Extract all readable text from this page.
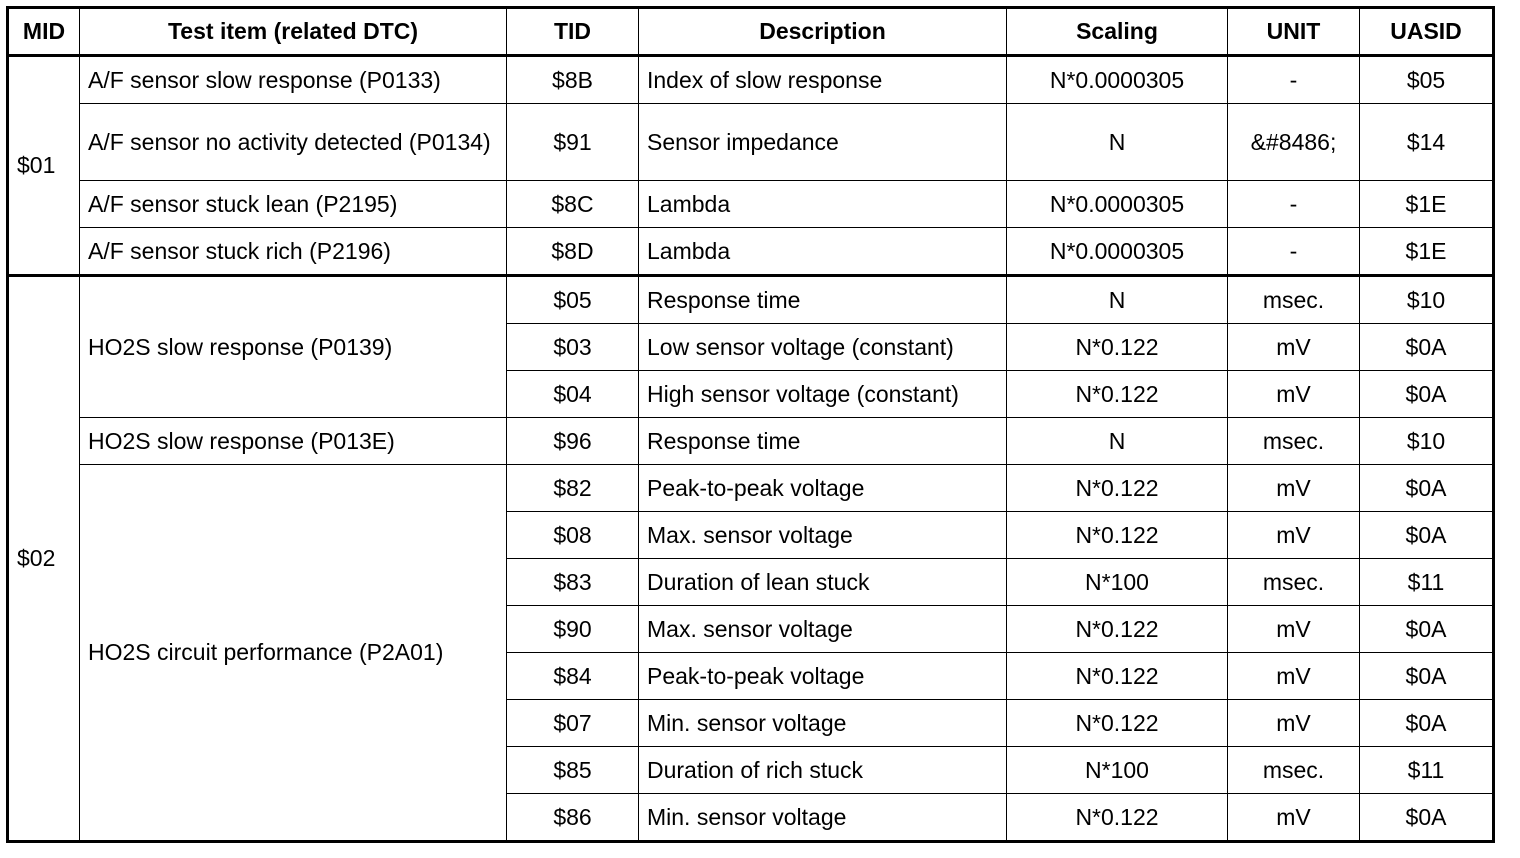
MID	Test item (related DTC)	TID	Description	Scaling	UNIT	UASID
$01	A/F sensor slow response (P0133)	$8B	Index of slow response	N*0.0000305	-	$05
	A/F sensor no activity detected (P0134)	$91	Sensor impedance	N	&#8486;	$14
	A/F sensor stuck lean (P2195)	$8C	Lambda	N*0.0000305	-	$1E
	A/F sensor stuck rich (P2196)	$8D	Lambda	N*0.0000305	-	$1E
$02	HO2S slow response (P0139)	$05	Response time	N	msec.	$10
		$03	Low sensor voltage (constant)	N*0.122	mV	$0A
		$04	High sensor voltage (constant)	N*0.122	mV	$0A
	HO2S slow response (P013E)	$96	Response time	N	msec.	$10
	HO2S circuit performance (P2A01)	$82	Peak-to-peak voltage	N*0.122	mV	$0A
		$08	Max. sensor voltage	N*0.122	mV	$0A
		$83	Duration of lean stuck	N*100	msec.	$11
		$90	Max. sensor voltage	N*0.122	mV	$0A
		$84	Peak-to-peak voltage	N*0.122	mV	$0A
		$07	Min. sensor voltage	N*0.122	mV	$0A
		$85	Duration of rich stuck	N*100	msec.	$11
		$86	Min. sensor voltage	N*0.122	mV	$0A
